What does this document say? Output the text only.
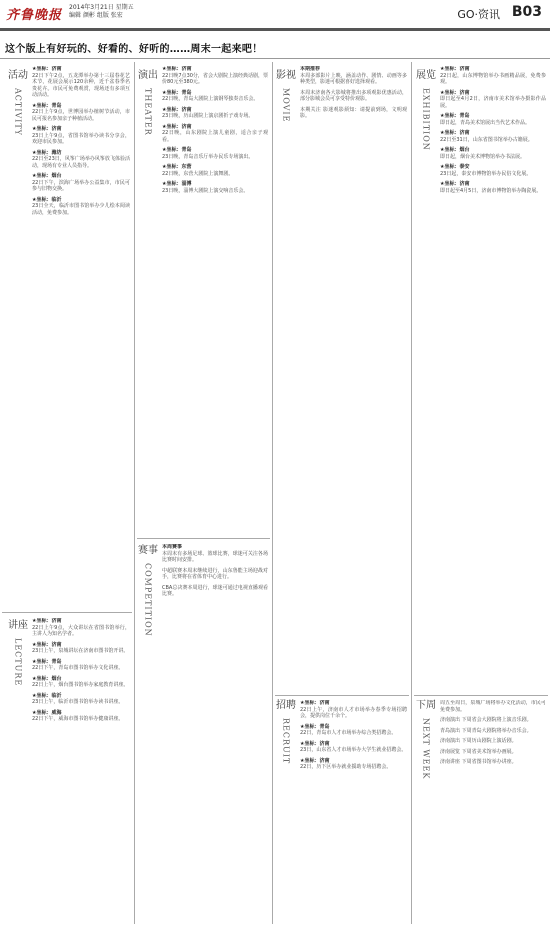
齐鲁晚报
2014年3月21日 星期五
编辑 颜彬 组版 张宏	GO·资讯 B03
这个版上有好玩的、好看的、好听的……周末一起来吧！
活动
ACTIVITY
演出
THEATER
影视
MOVIE
展览
EXHIBITION
讲座
LECTURE
赛事
COMPETITION
招聘
RECRUIT
下周
NEXT WEEK
★坐标：济南
22日下午2点，五龙潭举办第十三届春花艺术节，花展会展示120余种，近千盆春季名贵花卉。市民可免费观赏，现场还有多项互动活动。
★坐标：青岛
22日上午9点，世博园举办植树节活动，市民可报名参加亲子种植活动。
★坐标：济南
23日上午9点，省图书馆举办读书分享会，欢迎市民参加。
★坐标：潍坊
22日至23日，风筝广场举办风筝放飞体验活动，现场有专业人员指导。
★坐标：烟台
22日下午，滨海广场举办公益集市，市民可参与旧物交换。
★坐标：临沂
23日全天，临沂市图书馆举办少儿绘本阅读活动，免费参加。
★坐标：济南
22日晚7点30分，省会大剧院上演经典话剧，票价80元至380元。
★坐标：青岛
22日晚，青岛大剧院上演钢琴独奏音乐会。
★坐标：济南
23日晚，历山剧院上演京剧折子戏专场。
★坐标：济南
22日晚，山东剧院上演儿童剧，适合亲子观看。
★坐标：青岛
23日晚，青岛音乐厅举办民乐专场演出。
★坐标：东营
22日晚，东营大剧院上演舞剧。
★坐标：淄博
23日晚，淄博大剧院上演交响音乐会。
本期推荐
本周多部影片上映，涵盖动作、剧情、动画等多种类型，影迷可根据喜好选择观看。
本周末济南各大影城将推出多项观影优惠活动，部分影城会员可享受特价观影。
本期关注 影迷观影须知：请提前到场，文明观影。
★坐标：济南
22日起，山东博物馆举办书画精品展，免费参观。
★坐标：济南
即日起至4月2日，济南市美术馆举办摄影作品展。
★坐标：青岛
即日起，青岛美术馆展出当代艺术作品。
★坐标：济南
22日至31日，山东省图书馆举办古籍展。
★坐标：烟台
即日起，烟台美术博物馆举办书法展。
★坐标：泰安
23日起，泰安市博物馆举办民俗文化展。
★坐标：济南
即日起至4月5日，济南市博物馆举办陶瓷展。
★坐标：济南
22日上午9点，大众讲坛在省图书馆举行，主讲人为知名学者。
★坐标：济南
23日上午，泉城讲坛在济南市图书馆开讲。
★坐标：青岛
22日下午，青岛市图书馆举办文化讲座。
★坐标：烟台
22日上午，烟台图书馆举办家庭教育讲座。
★坐标：临沂
23日上午，临沂市图书馆举办读书讲座。
★坐标：威海
22日下午，威海市图书馆举办健康讲座。
本周赛事
本周末有多场足球、篮球比赛，球迷可关注各场比赛时间安排。
中超联赛本周末继续进行，山东鲁能主场迎战对手，比赛将在省体育中心进行。
CBA总决赛本周进行，球迷可通过电视直播观看比赛。
★坐标：济南
22日上午，济南市人才市场举办春季专场招聘会，提供岗位千余个。
★坐标：青岛
22日，青岛市人才市场举办综合类招聘会。
★坐标：济南
23日，山东省人才市场举办大学生就业招聘会。
★坐标：济南
22日，历下区举办就业援助专场招聘会。
周五至周日，泉城广场将举办文化活动，市民可免费参加。
济南演出 下周省会大剧院将上演音乐剧。
青岛演出 下周青岛大剧院将举办音乐会。
济南演出 下周历山剧院上演话剧。
济南展览 下周省美术馆举办画展。
济南讲座 下周省图书馆举办讲座。
